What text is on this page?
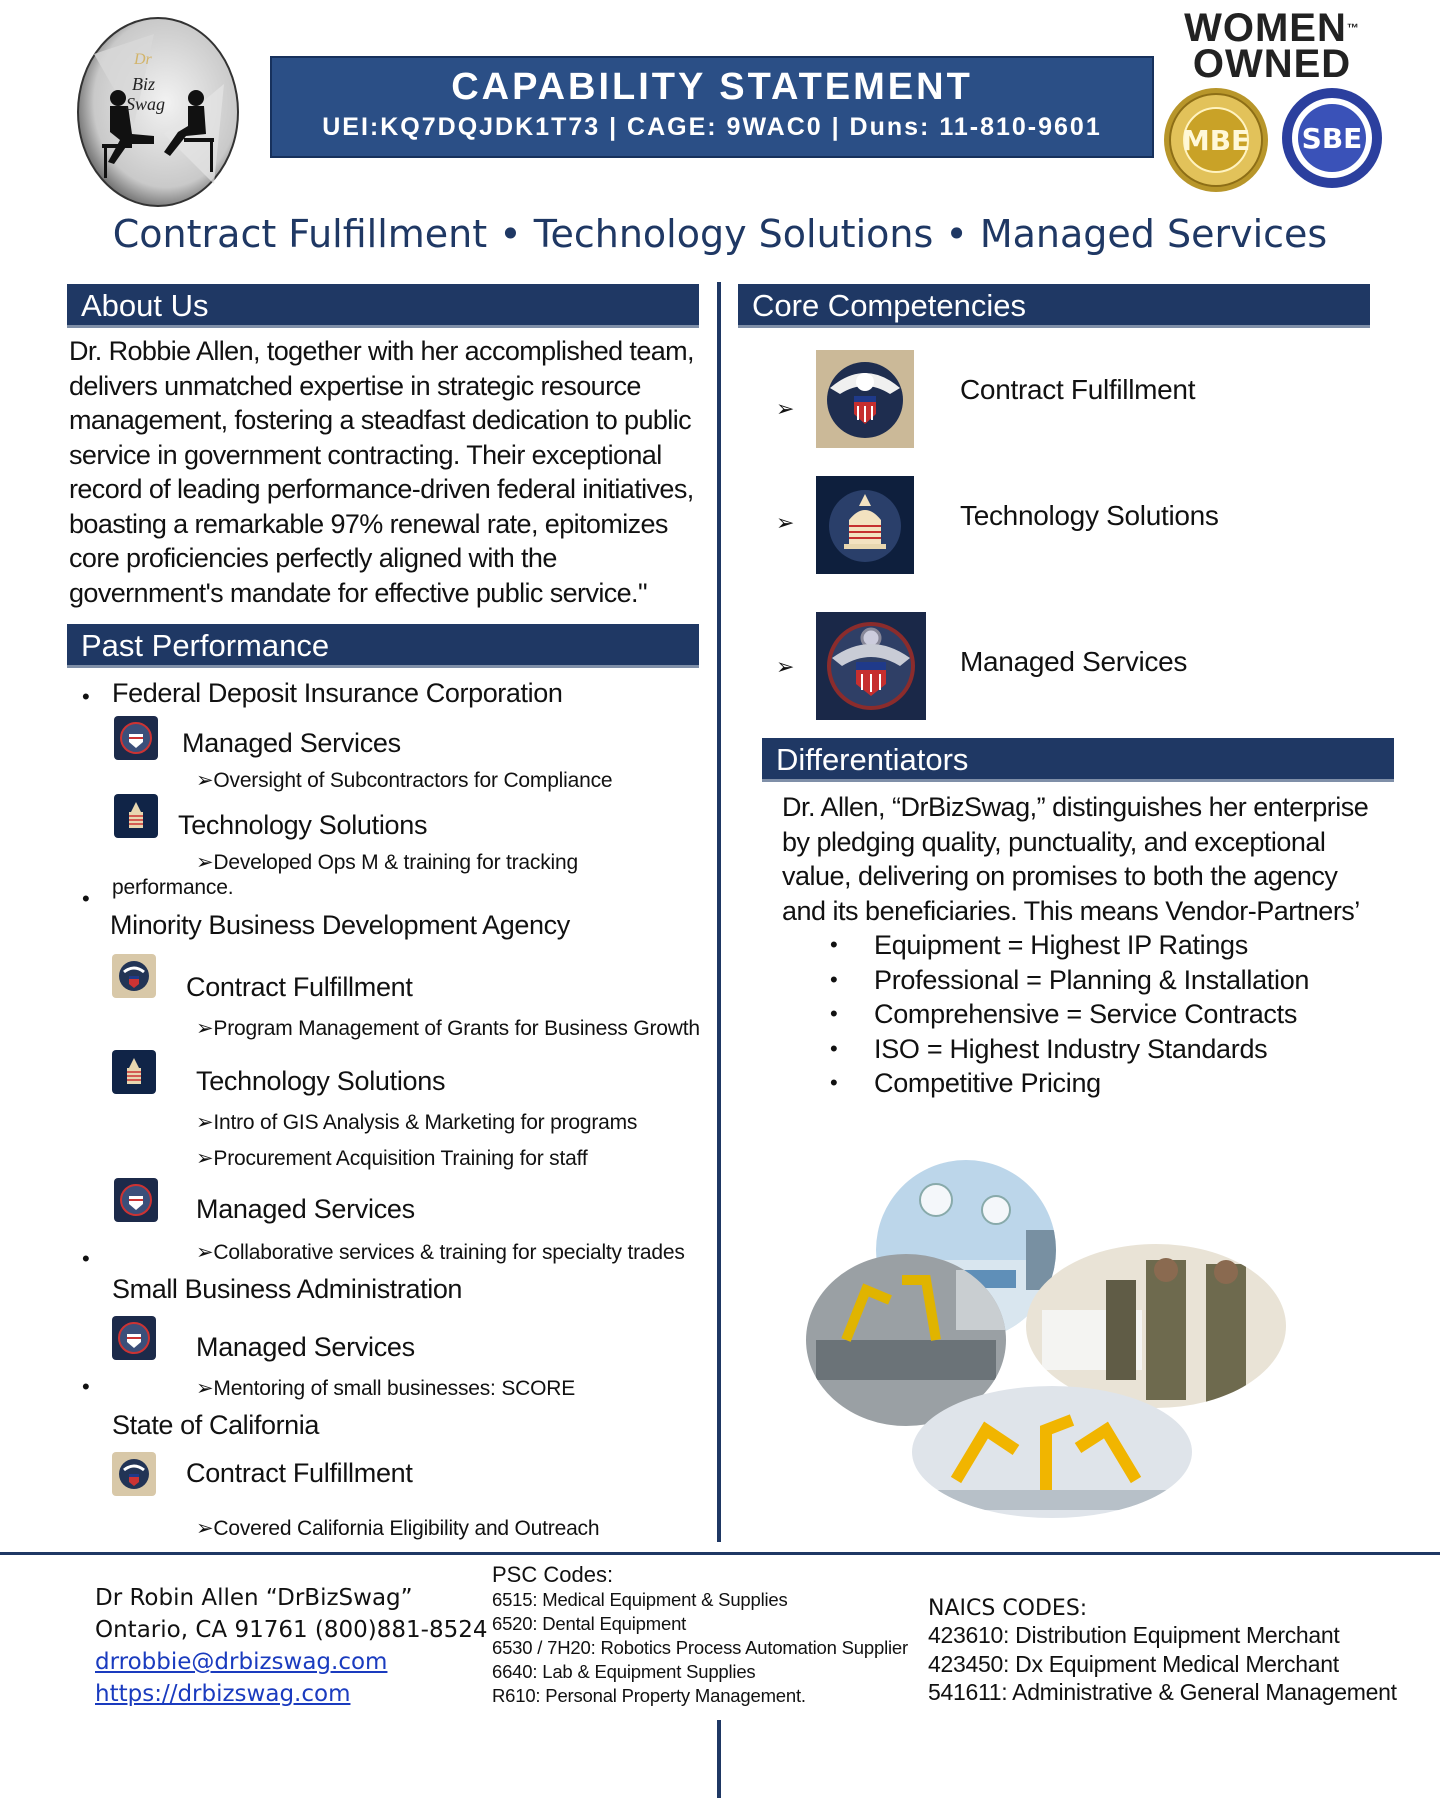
Dr
Biz
Swag	CAPABILITY STATEMENT
UEI:KQ7DQJDK1T73 | CAGE: 9WAC0 | Duns: 11-810-9601
WOMEN™
OWNED
MBE SBE
Contract Fulfillment • Technology Solutions • Managed Services
About Us
Dr. Robbie Allen, together with her accomplished team,
delivers unmatched expertise in strategic resource
management, fostering a steadfast dedication to public
service in government contracting. Their exceptional
record of leading performance-driven federal initiatives,
boasting a remarkable 97% renewal rate, epitomizes
core proficiencies perfectly aligned with the
government's mandate for effective public service."
Past Performance
• Federal Deposit Insurance Corporation
Managed Services
➢Oversight of Subcontractors for Compliance
Technology Solutions
➢Developed Ops M & training for tracking
performance.
•
Minority Business Development Agency
Contract Fulfillment
➢Program Management of Grants for Business Growth
Technology Solutions
➢Intro of GIS Analysis & Marketing for programs
➢Procurement Acquisition Training for staff
Managed Services
➢Collaborative services & training for specialty trades
•
Small Business Administration
Managed Services
➢Mentoring of small businesses: SCORE
•
State of California
Contract Fulfillment
➢Covered California Eligibility and Outreach
Core Competencies
➢
Contract Fulfillment
➢	Technology Solutions
➢	Managed Services
Differentiators
Dr. Allen, “DrBizSwag,” distinguishes her enterprise
by pledging quality, punctuality, and exceptional
value, delivering on promises to both the agency
and its beneficiaries. This means Vendor-Partners’
• Equipment = Highest IP Ratings
• Professional = Planning & Installation
• Comprehensive = Service Contracts
• ISO = Highest Industry Standards
• Competitive Pricing
Dr Robin Allen “DrBizSwag”
Ontario, CA 91761 (800)881-8524
drrobbie@drbizswag.com
https://drbizswag.com
PSC Codes:
6515: Medical Equipment & Supplies
6520: Dental Equipment
6530 / 7H20: Robotics Process Automation Supplier
6640: Lab & Equipment Supplies
R610: Personal Property Management.
NAICS CODES:
423610: Distribution Equipment Merchant
423450: Dx Equipment Medical Merchant
541611: Administrative & General Management
